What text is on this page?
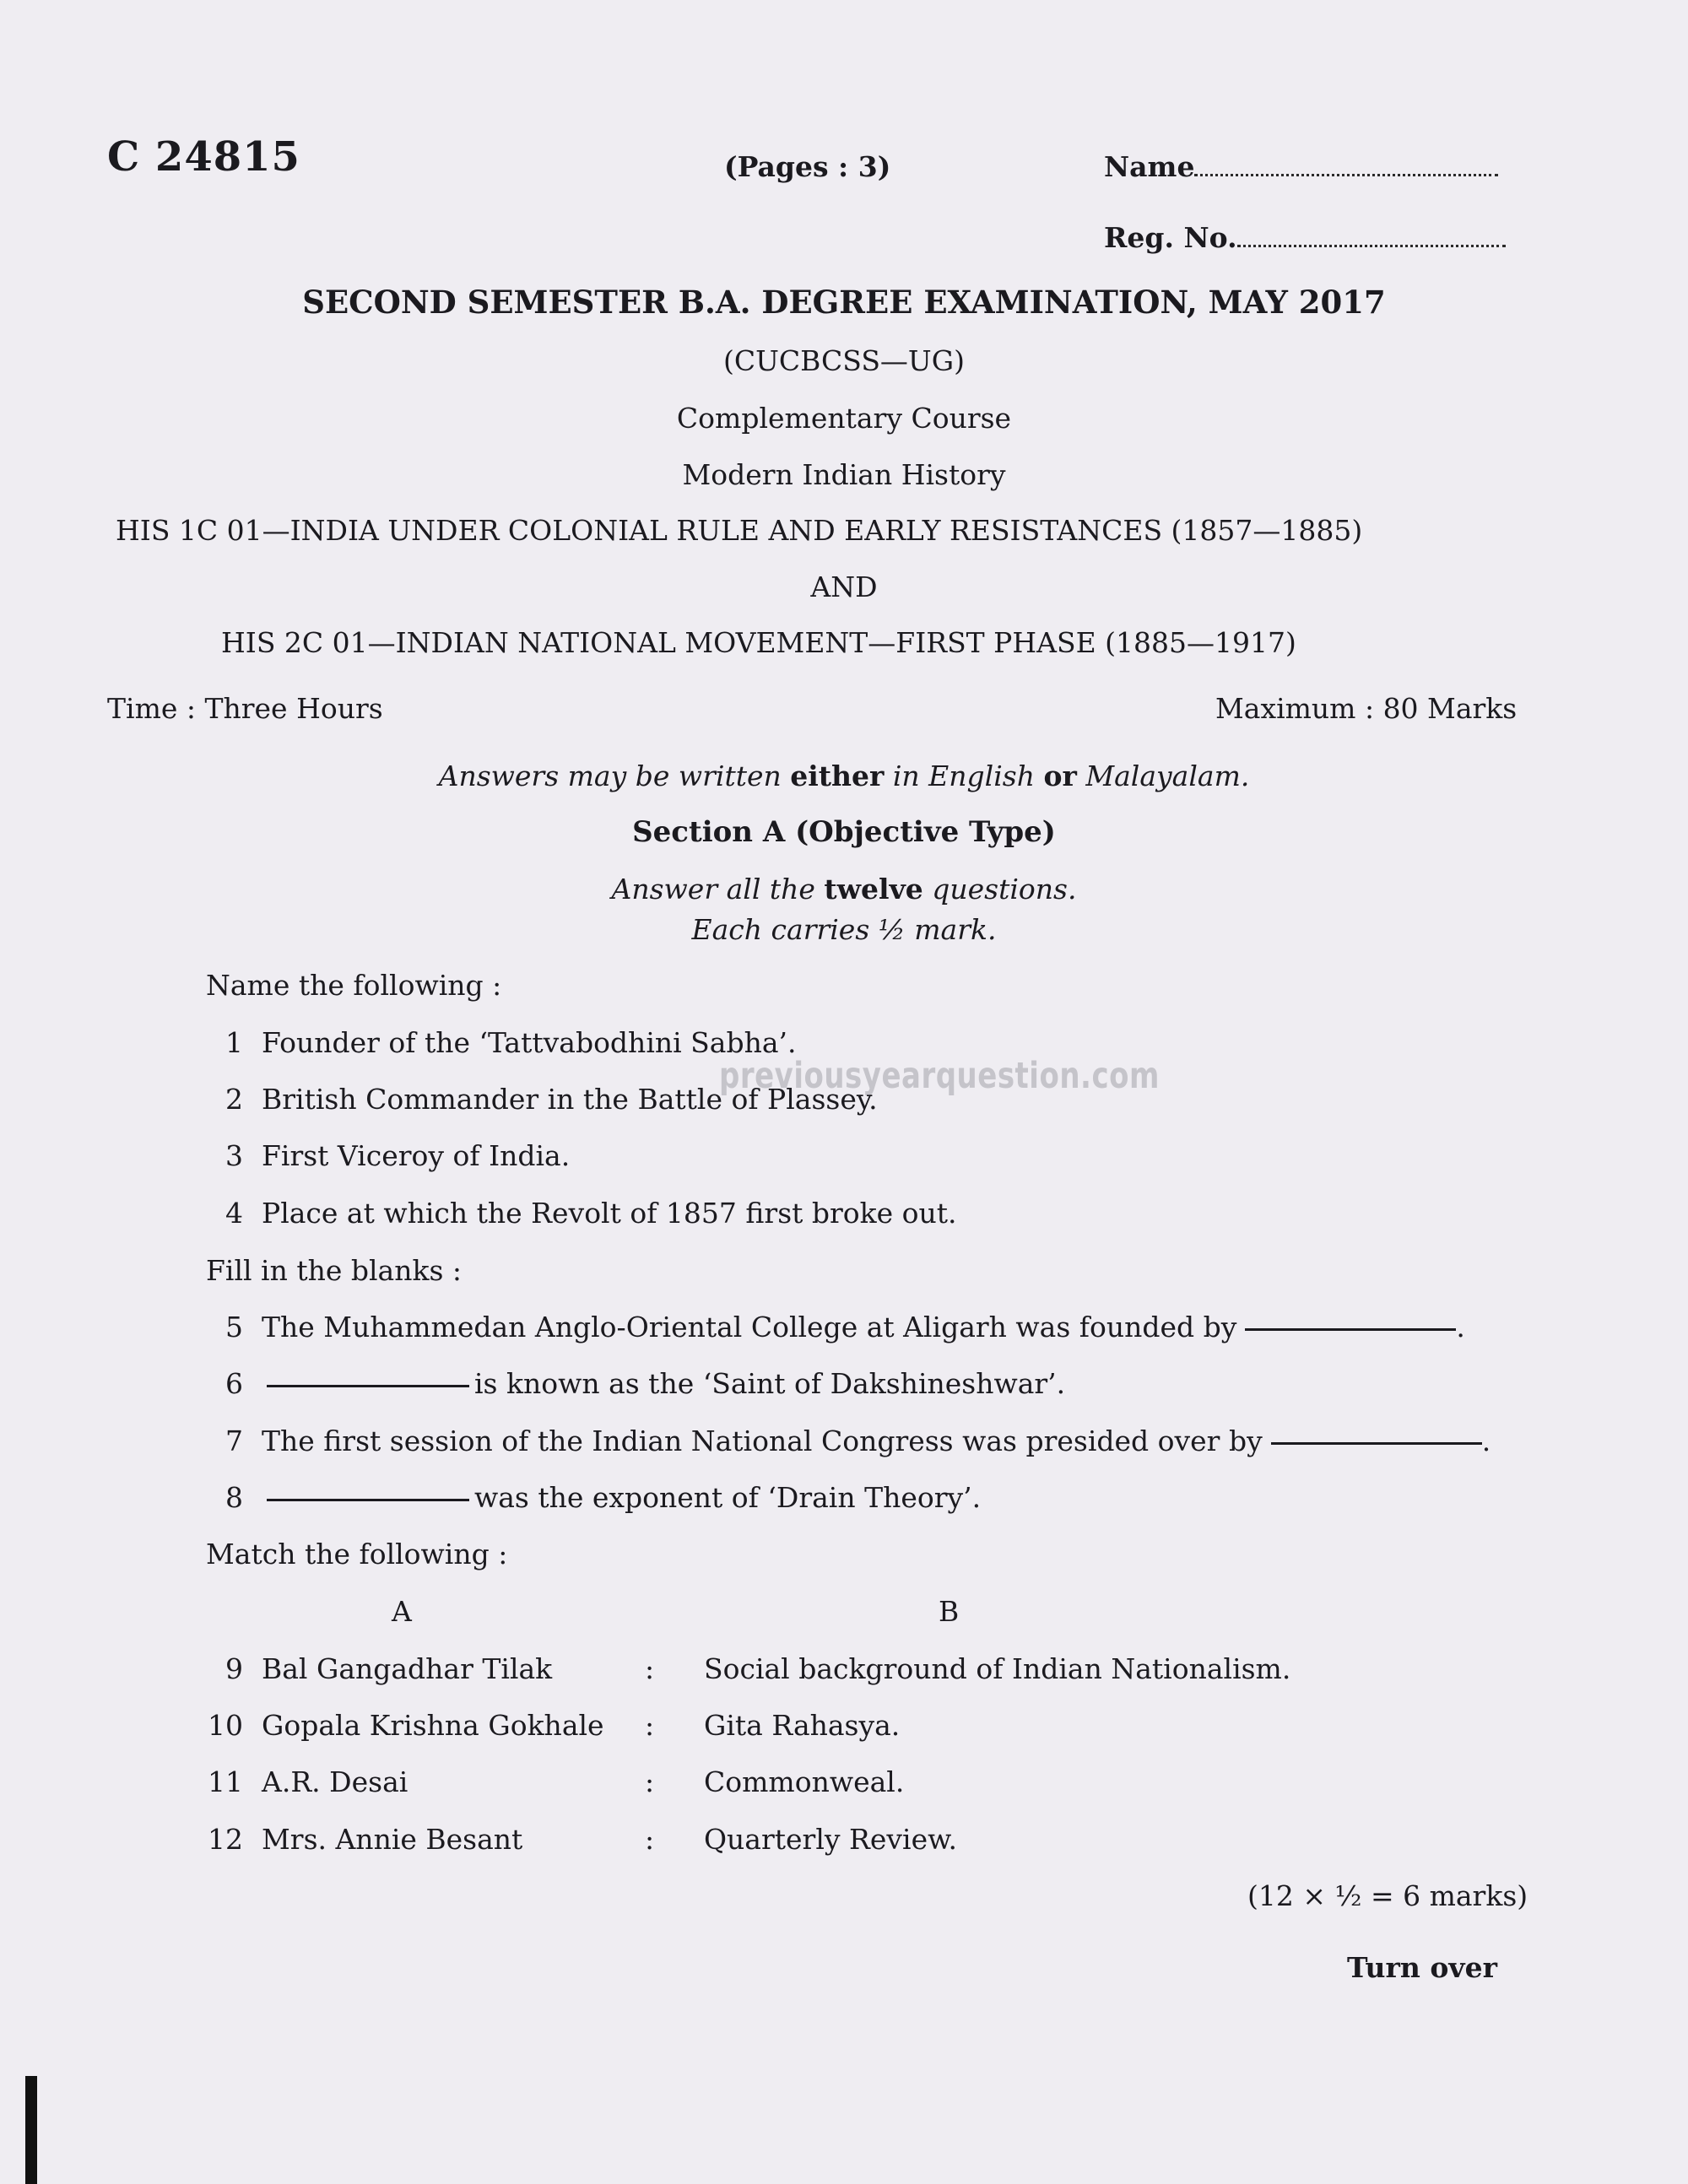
C 24815	(Pages : 3)	Name
Reg. No.
SECOND SEMESTER B.A. DEGREE EXAMINATION, MAY 2017
(CUCBCSS—UG)
Complementary Course
Modern Indian History
HIS 1C 01—INDIA UNDER COLONIAL RULE AND EARLY RESISTANCES (1857—1885)
AND
HIS 2C 01—INDIAN NATIONAL MOVEMENT—FIRST PHASE (1885—1917)
Time : Three Hours	Maximum : 80 Marks
Answers may be written either in English or Malayalam.
Section A (Objective Type)
Answer all the twelve questions.
Each carries ½ mark.
Name the following :
1 Founder of the ‘Tattvabodhini Sabha’.
2 British Commander in the Battle of Plassey.
3 First Viceroy of India.
4 Place at which the Revolt of 1857 first broke out.
Fill in the blanks :
5 The Muhammedan Anglo-Oriental College at Aligarh was founded by	.
6	is known as the ‘Saint of Dakshineshwar’.
7 The first session of the Indian National Congress was presided over by	.
8	was the exponent of ‘Drain Theory’.
Match the following :
A	B
9 Bal Gangadhar Tilak	: Social background of Indian Nationalism.
10 Gopala Krishna Gokhale : Gita Rahasya.
11 A.R. Desai	: Commonweal.
12 Mrs. Annie Besant	: Quarterly Review.
(12 × ½ = 6 marks)
Turn over
previousyearquestion.com
